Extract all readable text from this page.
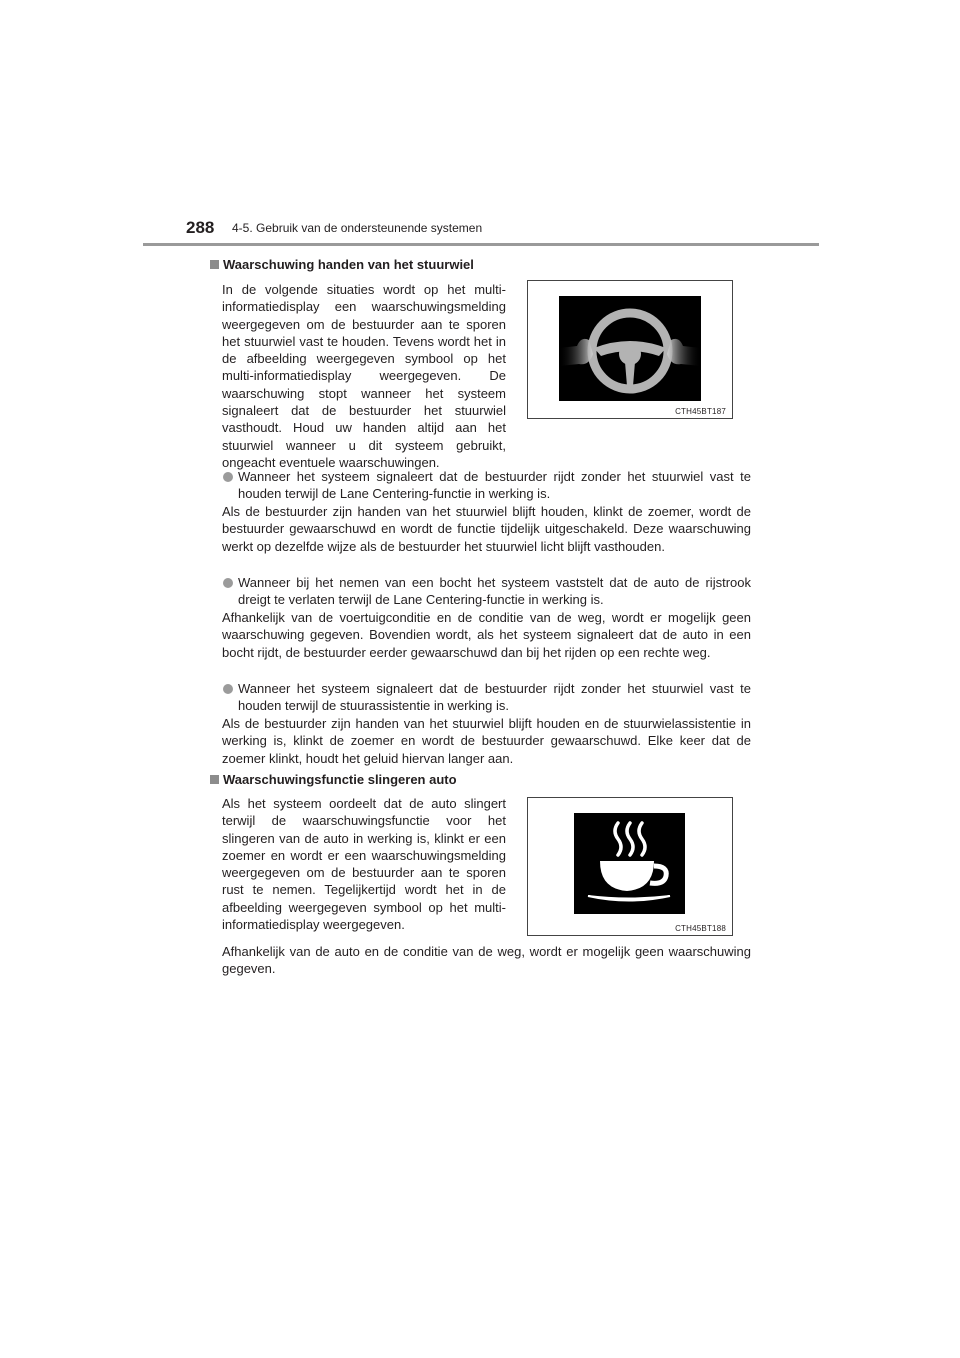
288 4-5. Gebruik van de ondersteunende systemen
Waarschuwing handen van het stuurwiel
In de volgende situaties wordt op het multi-informatiedisplay een waarschuwingsmelding weergegeven om de bestuurder aan te sporen het stuurwiel vast te houden. Tevens wordt het in de afbeelding weergegeven symbool op het multi-informatiedisplay weergegeven. De waarschuwing stopt wanneer het systeem signaleert dat de bestuurder het stuurwiel vasthoudt. Houd uw handen altijd aan het stuurwiel wanneer u dit systeem gebruikt, ongeacht eventuele waarschuwingen.
CTH45BT187
Wanneer het systeem signaleert dat de bestuurder rijdt zonder het stuurwiel vast te houden terwijl de Lane Centering-functie in werking is.
Als de bestuurder zijn handen van het stuurwiel blijft houden, klinkt de zoemer, wordt de bestuurder gewaarschuwd en wordt de functie tijdelijk uitgeschakeld. Deze waarschuwing werkt op dezelfde wijze als de bestuurder het stuurwiel licht blijft vasthouden.
Wanneer bij het nemen van een bocht het systeem vaststelt dat de auto de rijstrook dreigt te verlaten terwijl de Lane Centering-functie in werking is.
Afhankelijk van de voertuigconditie en de conditie van de weg, wordt er mogelijk geen waarschuwing gegeven. Bovendien wordt, als het systeem signaleert dat de auto in een bocht rijdt, de bestuurder eerder gewaarschuwd dan bij het rijden op een rechte weg.
Wanneer het systeem signaleert dat de bestuurder rijdt zonder het stuurwiel vast te houden terwijl de stuurassistentie in werking is.
Als de bestuurder zijn handen van het stuurwiel blijft houden en de stuurwielassistentie in werking is, klinkt de zoemer en wordt de bestuurder gewaarschuwd. Elke keer dat de zoemer klinkt, houdt het geluid hiervan langer aan.
Waarschuwingsfunctie slingeren auto
Als het systeem oordeelt dat de auto slingert terwijl de waarschuwingsfunctie voor het slingeren van de auto in werking is, klinkt er een zoemer en wordt er een waarschuwingsmelding weergegeven om de bestuurder aan te sporen rust te nemen. Tegelijkertijd wordt het in de afbeelding weergegeven symbool op het multi-informatiedisplay weergegeven.	CTH45BT188
Afhankelijk van de auto en de conditie van de weg, wordt er mogelijk geen waarschuwing gegeven.
